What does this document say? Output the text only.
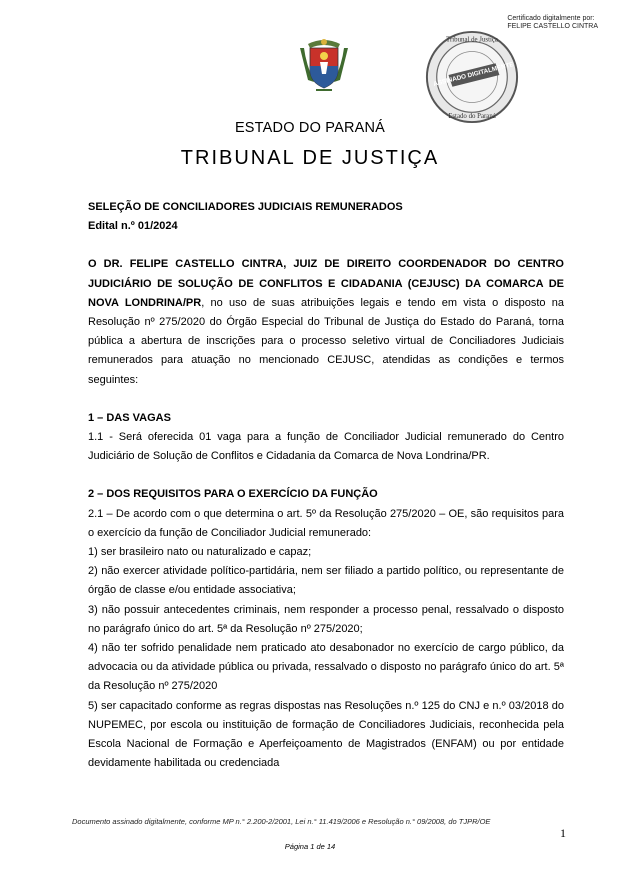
Certificado digitalmente por:
FELIPE CASTELLO CINTRA
ASSINADO DIGITALMENTE
Tribunal de Justiça
Estado do Paraná
ESTADO DO PARANÁ
TRIBUNAL DE JUSTIÇA

SELEÇÃO DE CONCILIADORES JUDICIAIS REMUNERADOS

Edital n.º 01/2024

O DR. FELIPE CASTELLO CINTRA, JUIZ DE DIREITO COORDENADOR DO CENTRO JUDICIÁRIO DE SOLUÇÃO DE CONFLITOS E CIDADANIA (CEJUSC) DA COMARCA DE NOVA LONDRINA/PR, no uso de suas atribuições legais e tendo em vista o disposto na Resolução nº 275/2020 do Órgão Especial do Tribunal de Justiça do Estado do Paraná, torna pública a abertura de inscrições para o processo seletivo virtual de Conciliadores Judiciais remunerados para atuação no mencionado CEJUSC, atendidas as condições e termos seguintes:

1 – DAS VAGAS

1.1 - Será oferecida 01 vaga para a função de Conciliador Judicial remunerado do Centro Judiciário de Solução de Conflitos e Cidadania da Comarca de Nova Londrina/PR.

2 – DOS REQUISITOS PARA O EXERCÍCIO DA FUNÇÃO

2.1 – De acordo com o que determina o art. 5º da Resolução 275/2020 – OE, são requisitos para o exercício da função de Conciliador Judicial remunerado:

1) ser brasileiro nato ou naturalizado e capaz;

2) não exercer atividade político-partidária, nem ser filiado a partido político, ou representante de órgão de classe e/ou entidade associativa;

3) não possuir antecedentes criminais, nem responder a processo penal, ressalvado o disposto no parágrafo único do art. 5ª da Resolução nº 275/2020;

4) não ter sofrido penalidade nem praticado ato desabonador no exercício de cargo público, da advocacia ou da atividade pública ou privada, ressalvado o disposto no parágrafo único do art. 5ª da Resolução nº 275/2020

5) ser capacitado conforme as regras dispostas nas Resoluções n.º 125 do CNJ e n.º 03/2018 do NUPEMEC, por escola ou instituição de formação de Conciliadores Judiciais, reconhecida pela Escola Nacional de Formação e Aperfeiçoamento de Magistrados (ENFAM) ou por entidade devidamente habilitada ou credenciada

Documento assinado digitalmente, conforme MP n.° 2.200-2/2001, Lei n.° 11.419/2006 e Resolução n.° 09/2008, do TJPR/OE
1
Página 1 de 14
